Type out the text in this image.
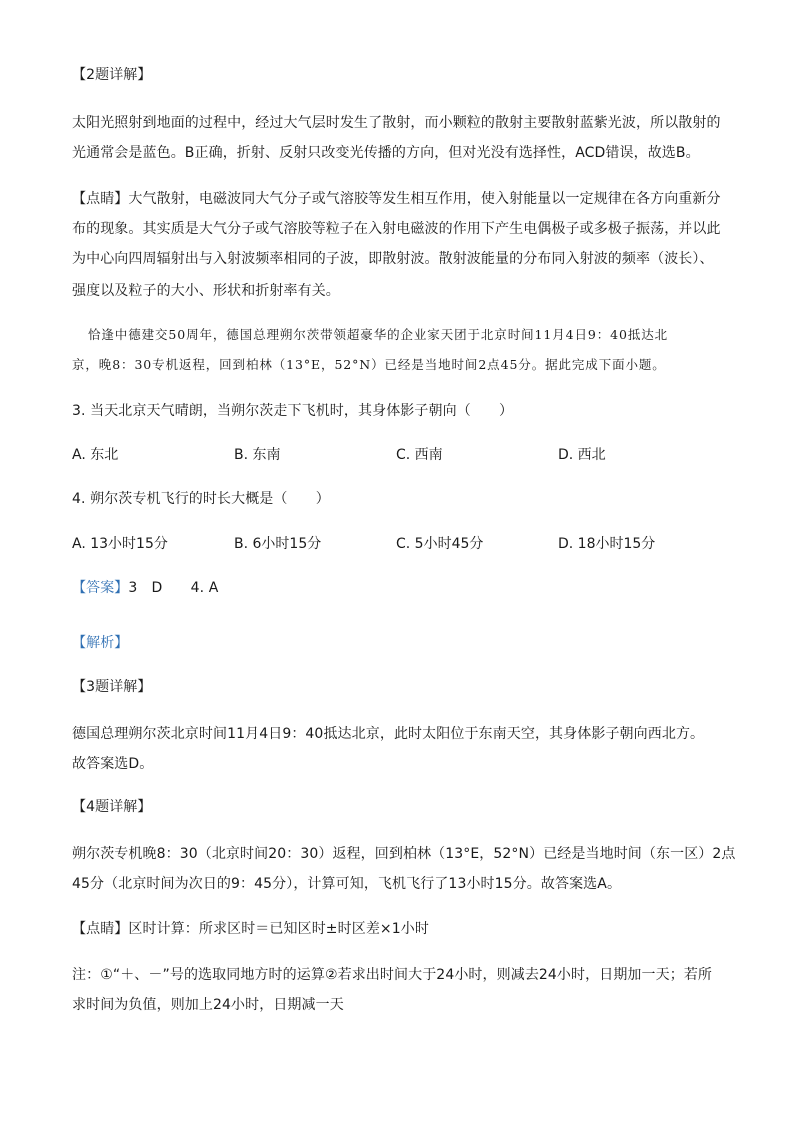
【2题详解】
太阳光照射到地面的过程中，经过大气层时发生了散射，而小颗粒的散射主要散射蓝紫光波，所以散射的
光通常会是蓝色。B正确，折射、反射只改变光传播的方向，但对光没有选择性，ACD错误，故选B。
【点睛】大气散射，电磁波同大气分子或气溶胶等发生相互作用，使入射能量以一定规律在各方向重新分
布的现象。其实质是大气分子或气溶胶等粒子在入射电磁波的作用下产生电偶极子或多极子振荡，并以此
为中心向四周辐射出与入射波频率相同的子波，即散射波。散射波能量的分布同入射波的频率（波长）、
强度以及粒子的大小、形状和折射率有关。
恰逢中德建交50周年，德国总理朔尔茨带领超豪华的企业家天团于北京时间11月4日9：40抵达北
京，晚8：30专机返程，回到柏林（13°E，52°N）已经是当地时间2点45分。据此完成下面小题。
3. 当天北京天气晴朗，当朔尔茨走下飞机时，其身体影子朝向（　　）
A. 东北	B. 东南	C. 西南	D. 西北
4. 朔尔茨专机飞行的时长大概是（　　）
A. 13小时15分	B. 6小时15分	C. 5小时45分	D. 18小时15分
【答案】3　D　　4. A
【解析】
【3题详解】
德国总理朔尔茨北京时间11月4日9：40抵达北京，此时太阳位于东南天空，其身体影子朝向西北方。
故答案选D。
【4题详解】
朔尔茨专机晚8：30（北京时间20：30）返程，回到柏林（13°E，52°N）已经是当地时间（东一区）2点
45分（北京时间为次日的9：45分），计算可知，飞机飞行了13小时15分。故答案选A。
【点睛】区时计算：所求区时＝已知区时±时区差×1小时
注：①“＋、－”号的选取同地方时的运算②若求出时间大于24小时，则减去24小时，日期加一天；若所
求时间为负值，则加上24小时，日期减一天
